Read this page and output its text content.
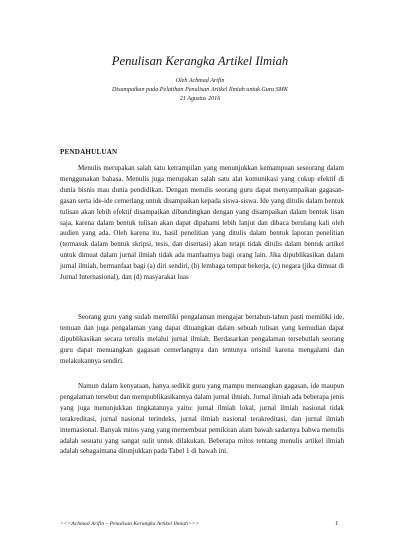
Penulisan Kerangka Artikel Ilmiah
Oleh Achmad Arifin
Disampaikan pada Pelatihan Penulisan Artikel Ilmiah untuk Guru SMK
21 Agustus 2016
PENDAHULUAN

Menulis merupakan salah satu ketrampilan yang menunjukkan kemampuan seseorang dalam menggunakan bahasa. Menulis juga merupakan salah satu alat komunikasi yang cukup efektif di dunia bisnis mau dunia pendidikan. Dengan menulis seorang guru dapat menyampaikan gagasan-gasan serta ide-ide cemerlang untuk disampaikan kepada siswa-siswa. Ide yang ditulis dalam bentuk tulisan akan lebih efektif disampaikan dibandingkan dengan yang disampaikan dalam bentuk lisan saja, karena dalam bentuk tulisan akan dapat dipahami lebih lanjut dan dibaca berulang kali oleh audien yang ada. Oleh karena itu, hasil penelitian yang ditulis dalam bentuk laporan penelitian (termasuk dalam bentuk skripsi, tesis, dan disertasi) akan tetapi tidak ditulis dalam bentuk artikel untuk dimuat dalam jurnal ilmiah tidak ada manfaatnya bagi orang lain. Jika dipublikasikan dalam jurnal ilmiah, bermanfaat bagi (a) diri sendiri, (b) lembaga tempat bekerja, (c) negara (jika dimuat di Jurnal Internasional), dan (d) masyarakat luas

Seorang guru yang sudah memiliki pengalaman mengajar bertahun-tahun pasti memiliki ide, temuan dan juga pengalaman yang dapat dituangkan dalam sebuah tulisan yang kemudian dapat dipublikasikan secara tertulis melalui jurnal ilmiah. Berdasarkan pengalaman tersebutlah seorang guru dapat menuangkan gagasan cemerlangnya dan tentunya orisinil karena mengalami dan melakukannya sendiri.

Namun dalam kenyataan, hanya sedikit guru yang mampu menuangkan gagasan, ide maupun pengalaman tersebut dan mempublikasikannya dalam jurnal ilmiah. Jurnal ilmiah ada beberapa jenis yang juga menunjukkan tingkatannya yaitu: jurnal ilmiah lokal, jurnal ilmiah nasional tidak terakreditasi, jurnal nasional terindeks, jurnal ilmiah nasional terakreditasi, dan jurnal ilmiah internasional. Banyak mitos yang yang memembuat pemikiran alam bawah sadarnya bahwa menulis adalah sesuatu yang sangat sulit untuk dilakukan. Beberapa mitos tentang menulis artikel ilmiah adalah sebagaimana ditunjukkan pada Tabel 1 di bawah ini.

<<<Achmad Arifin – Penulisan Kerangka Artikel Ilmiah>>>	1
